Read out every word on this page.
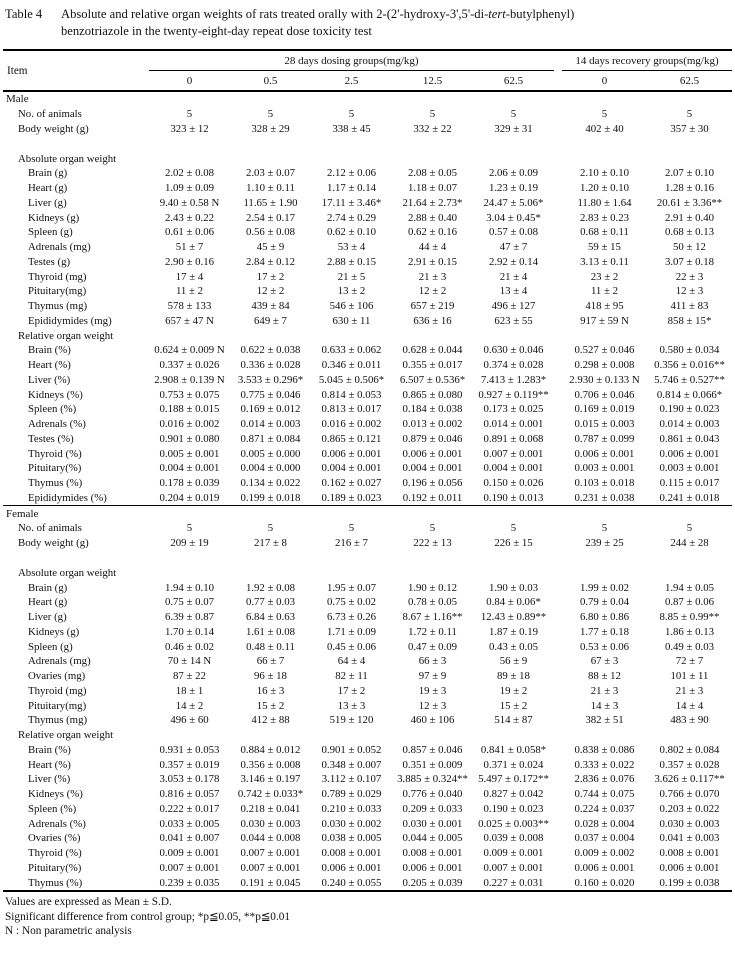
Table 4	Absolute and relative organ weights of rats treated orally with 2-(2'-hydroxy-3',5'-di-tert-butylphenyl)
benzotriazole in the twenty-eight-day repeat dose toxicity test
Item	28 days dosing groups(mg/kg)						14 days recovery groups(mg/kg)	
	0	0.5	2.5	12.5	62.5		0	62.5
Male								
No. of animals	5	5	5	5	5		5	5
Body weight (g)	323 ± 12	328 ± 29	338 ± 45	332 ± 22	329 ± 31		402 ± 40	357 ± 30

Absolute organ weight								
Brain (g)	2.02 ± 0.08	2.03 ± 0.07	2.12 ± 0.06	2.08 ± 0.05	2.06 ± 0.09		2.10 ± 0.10	2.07 ± 0.10
Heart (g)	1.09 ± 0.09	1.10 ± 0.11	1.17 ± 0.14	1.18 ± 0.07	1.23 ± 0.19		1.20 ± 0.10	1.28 ± 0.16
Liver (g)	9.40 ± 0.58 N	11.65 ± 1.90	17.11 ± 3.46*	21.64 ± 2.73*	24.47 ± 5.06*		11.80 ± 1.64	20.61 ± 3.36**
Kidneys (g)	2.43 ± 0.22	2.54 ± 0.17	2.74 ± 0.29	2.88 ± 0.40	3.04 ± 0.45*		2.83 ± 0.23	2.91 ± 0.40
Spleen (g)	0.61 ± 0.06	0.56 ± 0.08	0.62 ± 0.10	0.62 ± 0.16	0.57 ± 0.08		0.68 ± 0.11	0.68 ± 0.13
Adrenals (mg)	51 ± 7	45 ± 9	53 ± 4	44 ± 4	47 ± 7		59 ± 15	50 ± 12
Testes (g)	2.90 ± 0.16	2.84 ± 0.12	2.88 ± 0.15	2.91 ± 0.15	2.92 ± 0.14		3.13 ± 0.11	3.07 ± 0.18
Thyroid (mg)	17 ± 4	17 ± 2	21 ± 5	21 ± 3	21 ± 4		23 ± 2	22 ± 3
Pituitary(mg)	11 ± 2	12 ± 2	13 ± 2	12 ± 2	13 ± 4		11 ± 2	12 ± 3
Thymus (mg)	578 ± 133	439 ± 84	546 ± 106	657 ± 219	496 ± 127		418 ± 95	411 ± 83
Epididymides (mg)	657 ± 47 N	649 ± 7	630 ± 11	636 ± 16	623 ± 55		917 ± 59 N	858 ± 15*
Relative organ weight								
Brain (%)	0.624 ± 0.009 N	0.622 ± 0.038	0.633 ± 0.062	0.628 ± 0.044	0.630 ± 0.046		0.527 ± 0.046	0.580 ± 0.034
Heart (%)	0.337 ± 0.026	0.336 ± 0.028	0.346 ± 0.011	0.355 ± 0.017	0.374 ± 0.028		0.298 ± 0.008	0.356 ± 0.016**
Liver (%)	2.908 ± 0.139 N	3.533 ± 0.296*	5.045 ± 0.506*	6.507 ± 0.536*	7.413 ± 1.283*		2.930 ± 0.133 N	5.746 ± 0.527**
Kidneys (%)	0.753 ± 0.075	0.775 ± 0.046	0.814 ± 0.053	0.865 ± 0.080	0.927 ± 0.119**		0.706 ± 0.046	0.814 ± 0.066*
Spleen (%)	0.188 ± 0.015	0.169 ± 0.012	0.813 ± 0.017	0.184 ± 0.038	0.173 ± 0.025		0.169 ± 0.019	0.190 ± 0.023
Adrenals (%)	0.016 ± 0.002	0.014 ± 0.003	0.016 ± 0.002	0.013 ± 0.002	0.014 ± 0.001		0.015 ± 0.003	0.014 ± 0.003
Testes (%)	0.901 ± 0.080	0.871 ± 0.084	0.865 ± 0.121	0.879 ± 0.046	0.891 ± 0.068		0.787 ± 0.099	0.861 ± 0.043
Thyroid (%)	0.005 ± 0.001	0.005 ± 0.000	0.006 ± 0.001	0.006 ± 0.001	0.007 ± 0.001		0.006 ± 0.001	0.006 ± 0.001
Pituitary(%)	0.004 ± 0.001	0.004 ± 0.000	0.004 ± 0.001	0.004 ± 0.001	0.004 ± 0.001		0.003 ± 0.001	0.003 ± 0.001
Thymus (%)	0.178 ± 0.039	0.134 ± 0.022	0.162 ± 0.027	0.196 ± 0.056	0.150 ± 0.026		0.103 ± 0.018	0.115 ± 0.017
Epididymides (%)	0.204 ± 0.019	0.199 ± 0.018	0.189 ± 0.023	0.192 ± 0.011	0.190 ± 0.013		0.231 ± 0.038	0.241 ± 0.018
Female								
No. of animals	5	5	5	5	5		5	5
Body weight (g)	209 ± 19	217 ± 8	216 ± 7	222 ± 13	226 ± 15		239 ± 25	244 ± 28

Absolute organ weight								
Brain (g)	1.94 ± 0.10	1.92 ± 0.08	1.95 ± 0.07	1.90 ± 0.12	1.90 ± 0.03		1.99 ± 0.02	1.94 ± 0.05
Heart (g)	0.75 ± 0.07	0.77 ± 0.03	0.75 ± 0.02	0.78 ± 0.05	0.84 ± 0.06*		0.79 ± 0.04	0.87 ± 0.06
Liver (g)	6.39 ± 0.87	6.84 ± 0.63	6.73 ± 0.26	8.67 ± 1.16**	12.43 ± 0.89**		6.80 ± 0.86	8.85 ± 0.99**
Kidneys (g)	1.70 ± 0.14	1.61 ± 0.08	1.71 ± 0.09	1.72 ± 0.11	1.87 ± 0.19		1.77 ± 0.18	1.86 ± 0.13
Spleen (g)	0.46 ± 0.02	0.48 ± 0.11	0.45 ± 0.06	0.47 ± 0.09	0.43 ± 0.05		0.53 ± 0.06	0.49 ± 0.03
Adrenals (mg)	70 ± 14 N	66 ± 7	64 ± 4	66 ± 3	56 ± 9		67 ± 3	72 ± 7
Ovaries (mg)	87 ± 22	96 ± 18	82 ± 11	97 ± 9	89 ± 18		88 ± 12	101 ± 11
Thyroid (mg)	18 ± 1	16 ± 3	17 ± 2	19 ± 3	19 ± 2		21 ± 3	21 ± 3
Pituitary(mg)	14 ± 2	15 ± 2	13 ± 3	12 ± 3	15 ± 2		14 ± 3	14 ± 4
Thymus (mg)	496 ± 60	412 ± 88	519 ± 120	460 ± 106	514 ± 87		382 ± 51	483 ± 90
Relative organ weight								
Brain (%)	0.931 ± 0.053	0.884 ± 0.012	0.901 ± 0.052	0.857 ± 0.046	0.841 ± 0.058*		0.838 ± 0.086	0.802 ± 0.084
Heart (%)	0.357 ± 0.019	0.356 ± 0.008	0.348 ± 0.007	0.351 ± 0.009	0.371 ± 0.024		0.333 ± 0.022	0.357 ± 0.028
Liver (%)	3.053 ± 0.178	3.146 ± 0.197	3.112 ± 0.107	3.885 ± 0.324**	5.497 ± 0.172**		2.836 ± 0.076	3.626 ± 0.117**
Kidneys (%)	0.816 ± 0.057	0.742 ± 0.033*	0.789 ± 0.029	0.776 ± 0.040	0.827 ± 0.042		0.744 ± 0.075	0.766 ± 0.070
Spleen (%)	0.222 ± 0.017	0.218 ± 0.041	0.210 ± 0.033	0.209 ± 0.033	0.190 ± 0.023		0.224 ± 0.037	0.203 ± 0.022
Adrenals (%)	0.033 ± 0.005	0.030 ± 0.003	0.030 ± 0.002	0.030 ± 0.001	0.025 ± 0.003**		0.028 ± 0.004	0.030 ± 0.003
Ovaries (%)	0.041 ± 0.007	0.044 ± 0.008	0.038 ± 0.005	0.044 ± 0.005	0.039 ± 0.008		0.037 ± 0.004	0.041 ± 0.003
Thyroid (%)	0.009 ± 0.001	0.007 ± 0.001	0.008 ± 0.001	0.008 ± 0.001	0.009 ± 0.001		0.009 ± 0.002	0.008 ± 0.001
Pituitary(%)	0.007 ± 0.001	0.007 ± 0.001	0.006 ± 0.001	0.006 ± 0.001	0.007 ± 0.001		0.006 ± 0.001	0.006 ± 0.001
Thymus (%)	0.239 ± 0.035	0.191 ± 0.045	0.240 ± 0.055	0.205 ± 0.039	0.227 ± 0.031		0.160 ± 0.020	0.199 ± 0.038
Values are expressed as Mean ± S.D.
Significant difference from control group; *p≦0.05, **p≦0.01
N : Non parametric analysis
